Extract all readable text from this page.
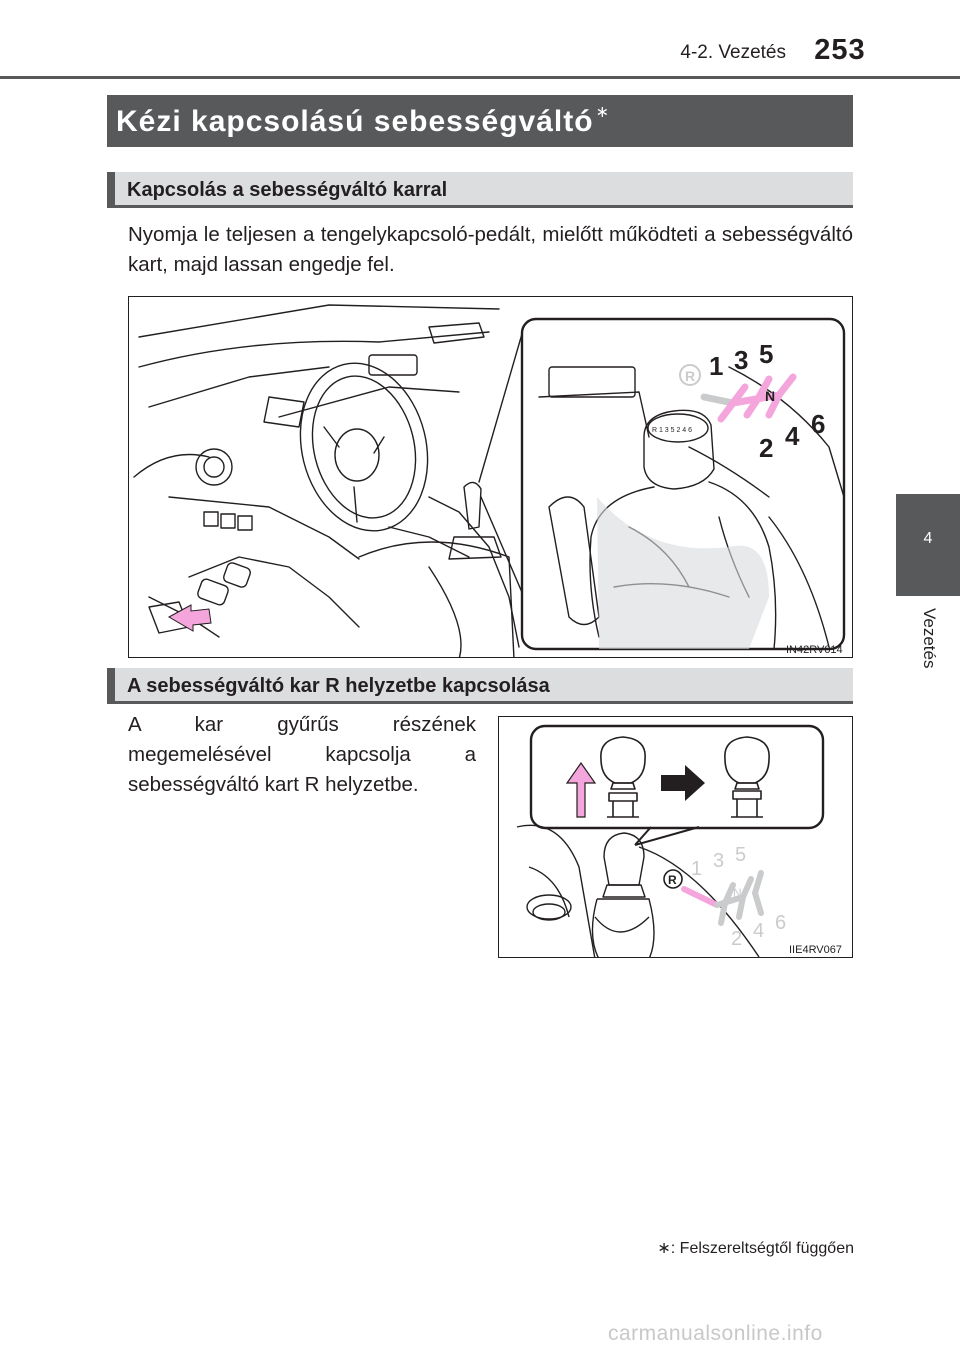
4-2. Vezetés 253
Kézi kapcsolású sebességváltó ∗
Kapcsolás a sebességváltó karral
Nyomja le teljesen a tengelykapcsoló-pedált, mielőtt működteti a sebességváltó kart, majd lassan engedje fel.
R 1 3 5 2 4 6
R 1 3 5
N
2 4 6
IN42RV014
A sebességváltó kar R helyzetbe kapcsolása
A kar gyűrűs részének megemelésével kapcsolja a sebességváltó kart R helyzetbe.
R 1 3 5
N
2 4 6
IIE4RV067
4
Vezetés
∗: Felszereltségtől függően
carmanualsonline.info
